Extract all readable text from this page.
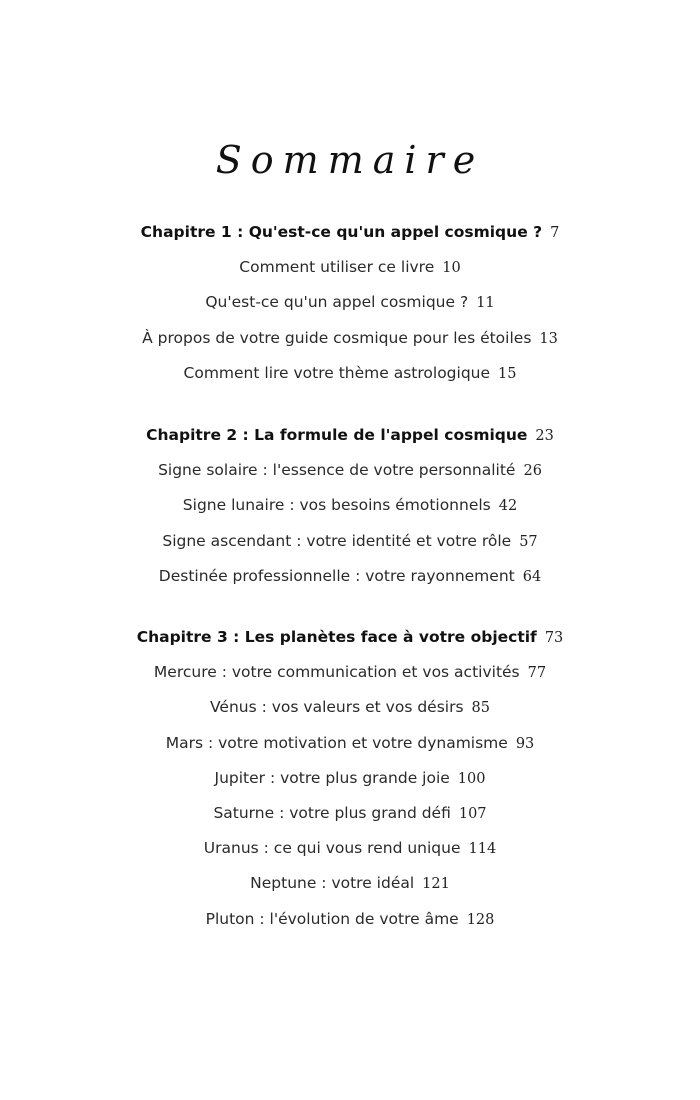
Sommaire
Chapitre 1 : Qu'est-ce qu'un appel cosmique ? 7
Comment utiliser ce livre 10
Qu'est-ce qu'un appel cosmique ? 11
À propos de votre guide cosmique pour les étoiles 13
Comment lire votre thème astrologique 15
Chapitre 2 : La formule de l'appel cosmique 23
Signe solaire : l'essence de votre personnalité 26
Signe lunaire : vos besoins émotionnels 42
Signe ascendant : votre identité et votre rôle 57
Destinée professionnelle : votre rayonnement 64
Chapitre 3 : Les planètes face à votre objectif 73
Mercure : votre communication et vos activités 77
Vénus : vos valeurs et vos désirs 85
Mars : votre motivation et votre dynamisme 93
Jupiter : votre plus grande joie 100
Saturne : votre plus grand défi 107
Uranus : ce qui vous rend unique 114
Neptune : votre idéal 121
Pluton : l'évolution de votre âme 128
